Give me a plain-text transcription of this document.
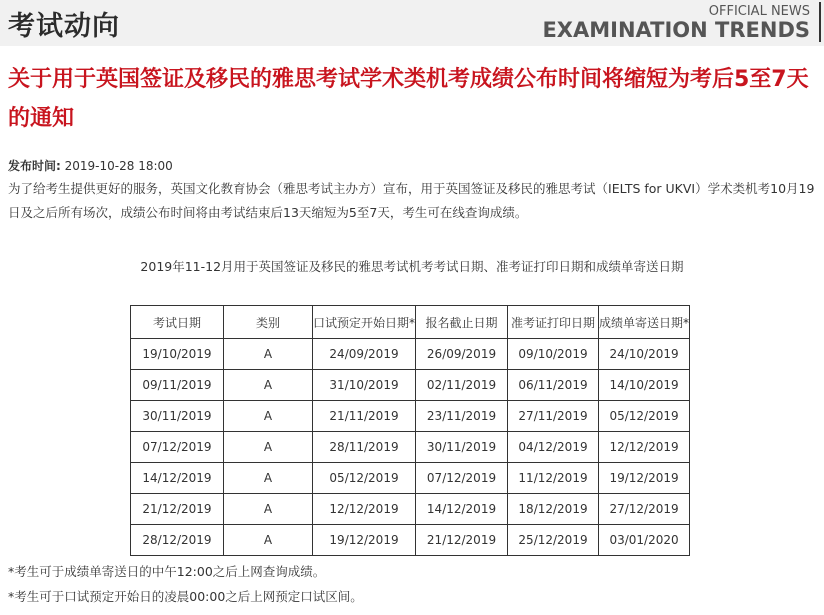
考试动向	OFFICIAL NEWS
EXAMINATION TRENDS
关于用于英国签证及移民的雅思考试学术类机考成绩公布时间将缩短为考后5至7天的通知
发布时间: 2019-10-28 18:00

为了给考生提供更好的服务，英国文化教育协会（雅思考试主办方）宣布，用于英国签证及移民的雅思考试（IELTS for UKVI）学术类机考10月19日及之后所有场次，成绩公布时间将由考试结束后13天缩短为5至7天，考生可在线查询成绩。

2019年11-12月用于英国签证及移民的雅思考试机考考试日期、准考证打印日期和成绩单寄送日期
考试日期	类别	口试预定开始日期*	报名截止日期	准考证打印日期	成绩单寄送日期*
19/10/2019	A	24/09/2019	26/09/2019	09/10/2019	24/10/2019
09/11/2019	A	31/10/2019	02/11/2019	06/11/2019	14/10/2019
30/11/2019	A	21/11/2019	23/11/2019	27/11/2019	05/12/2019
07/12/2019	A	28/11/2019	30/11/2019	04/12/2019	12/12/2019
14/12/2019	A	05/12/2019	07/12/2019	11/12/2019	19/12/2019
21/12/2019	A	12/12/2019	14/12/2019	18/12/2019	27/12/2019
28/12/2019	A	19/12/2019	21/12/2019	25/12/2019	03/01/2020
*考生可于成绩单寄送日的中午12:00之后上网查询成绩。
*考生可于口试预定开始日的凌晨00:00之后上网预定口试区间。
